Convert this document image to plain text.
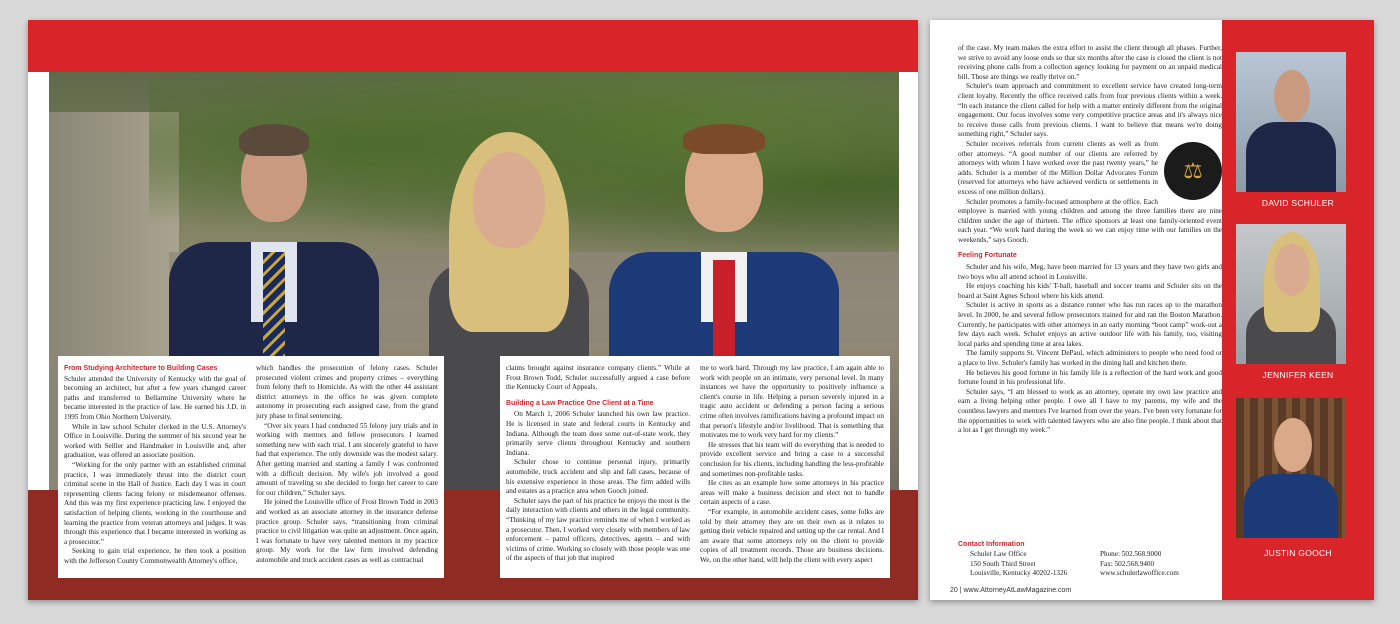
From Studying Architecture to Building Cases

Schuler attended the University of Kentucky with the goal of becoming an architect, but after a few years changed career paths and transferred to Bellarmine University where he became interested in the practice of law. He earned his J.D. in 1995 from Ohio Northern University.

While in law school Schuler clerked in the U.S. Attorney's Office in Louisville. During the summer of his second year he worked with Seiller and Handmaker in Louisville and, after graduation, was offered an associate position.

“Working for the only partner with an established criminal practice, I was immediately thrust into the district court criminal scene in the Hall of Justice. Each day I was in court representing clients facing felony or misdemeanor offenses. And this was my first experience practicing law. I enjoyed the satisfaction of helping clients, working in the courthouse and learning the practice from veteran attorneys and judges. It was through this experience that I became interested in working as a prosecutor.”

Seeking to gain trial experience, he then took a position with the Jefferson County Commonwealth Attorney's office,

which handles the prosecution of felony cases. Schuler prosecuted violent crimes and property crimes – everything from felony theft to Homicide. As with the other 44 assistant district attorneys in the office he was given complete autonomy in prosecuting each assigned case, from the grand jury phase to final sentencing.

“Over six years I had conducted 55 felony jury trials and in working with mentors and fellow prosecutors I learned something new with each trial. I am sincerely grateful to have had that experience. The only downside was the modest salary. After getting married and starting a family I was confronted with a difficult decision. My wife's job involved a good amount of traveling so she decided to forgo her career to care for our children,” Schuler says.

He joined the Louisville office of Frost Brown Todd in 2003 and worked as an associate attorney in the insurance defense practice group. Schuler says, “transitioning from criminal practice to civil litigation was quite an adjustment. Once again, I was fortunate to have very talented mentors in my practice group. My work for the law firm involved defending automobile and truck accident cases as well as contractual

claims brought against insurance company clients.” While at Frost Brown Todd, Schuler successfully argued a case before the Kentucky Court of Appeals.

Building a Law Practice One Client at a Time

On March 1, 2006 Schuler launched his own law practice. He is licensed in state and federal courts in Kentucky and Indiana. Although the team does some out-of-state work, they primarily serve clients throughout Kentucky and southern Indiana.

Schuler chose to continue personal injury, primarily automobile, truck accident and slip and fall cases, because of his extensive experience in those areas. The firm added wills and estates as a practice area when Gooch joined.

Schuler says the part of his practice he enjoys the most is the daily interaction with clients and others in the legal community. “Thinking of my law practice reminds me of when I worked as a prosecutor. Then, I worked very closely with members of law enforcement – patrol officers, detectives, agents – and with victims of crime. Working so closely with those people was one of the aspects of that job that inspired

me to work hard. Through my law practice, I am again able to work with people on an intimate, very personal level. In many instances we have the opportunity to positively influence a client's course in life. Helping a person severely injured in a tragic auto accident or defending a person facing a serious crime often involves ramifications having a profound impact on that person's lifestyle and/or livelihood. That is something that motivates me to work very hard for my clients.”

He stresses that his team will do everything that is needed to provide excellent service and bring a case to a successful conclusion for his clients, including handling the less-profitable and sometimes non-profitable tasks.

He cites as an example how some attorneys in his practice areas will make a business decision and elect not to handle certain aspects of a case.

“For example, in automobile accident cases, some folks are told by their attorney they are on their own as it relates to getting their vehicle repaired and setting up the car rental. And I am aware that some attorneys rely on the client to provide copies of all treatment records. Those are business decisions. We, on the other hand, will help the client with every aspect

of the case. My team makes the extra effort to assist the client through all phases. Further, we strive to avoid any loose ends so that six months after the case is closed the client is not receiving phone calls from a collection agency looking for payment on an unpaid medical bill. Those are things we really thrive on.”

Schuler's team approach and commitment to excellent service have created long-term client loyalty. Recently the office received calls from four previous clients within a week. “In each instance the client called for help with a matter entirely different from the original engagement. Our focus involves some very competitive practice areas and it's always nice to receive those calls from previous clients. I want to believe that means we're doing something right,” Schuler says.

⚖

Schuler receives referrals from current clients as well as from other attorneys. “A good number of our clients are referred by attorneys with whom I have worked over the past twenty years,” he adds. Schuler is a member of the Million Dollar Advocates Forum (reserved for attorneys who have achieved verdicts or settlements in excess of one million dollars).

Schuler promotes a family-focused atmosphere at the office. Each employee is married with young children and among the three families there are nine children under the age of thirteen. The office sponsors at least one family-oriented event each year. “We work hard during the week so we can enjoy time with our families on the weekends,” says Gooch.

Feeling Fortunate

Schuler and his wife, Meg, have been married for 13 years and they have two girls and two boys who all attend school in Louisville.

He enjoys coaching his kids' T-ball, baseball and soccer teams and Schuler sits on the board at Saint Agnes School where his kids attend.

Schuler is active in sports as a distance runner who has run races up to the marathon level. In 2000, he and several fellow prosecutors trained for and ran the Boston Marathon. Currently, he participates with other attorneys in an early morning “boot camp” work-out a few days each week. Schuler enjoys an active outdoor life with his family, too, visiting local parks and spending time at area lakes.

The family supports St. Vincent DePaul, which administers to people who need food or a place to live. Schuler's family has worked in the dining hall and kitchen there.

He believes his good fortune in his family life is a reflection of the hard work and good fortune found in his professional life.

Schuler says, “I am blessed to work as an attorney, operate my own law practice and earn a living helping other people. I owe all I have to my parents, my wife and the countless lawyers and mentors I've learned from over the years. I've been very fortunate for the opportunities to work with talented lawyers who are also fine people. I think about that a lot as I get through my week.”

Contact Information
Schuler Law Office
150 South Third Street
Louisville, Kentucky 40202-1326
Phone: 502.568.9000
Fax: 502.568.9400
www.schulerlawoffice.com
20 | www.AttorneyAtLawMagazine.com
DAVID SCHULER
JENNIFER KEEN
JUSTIN GOOCH
